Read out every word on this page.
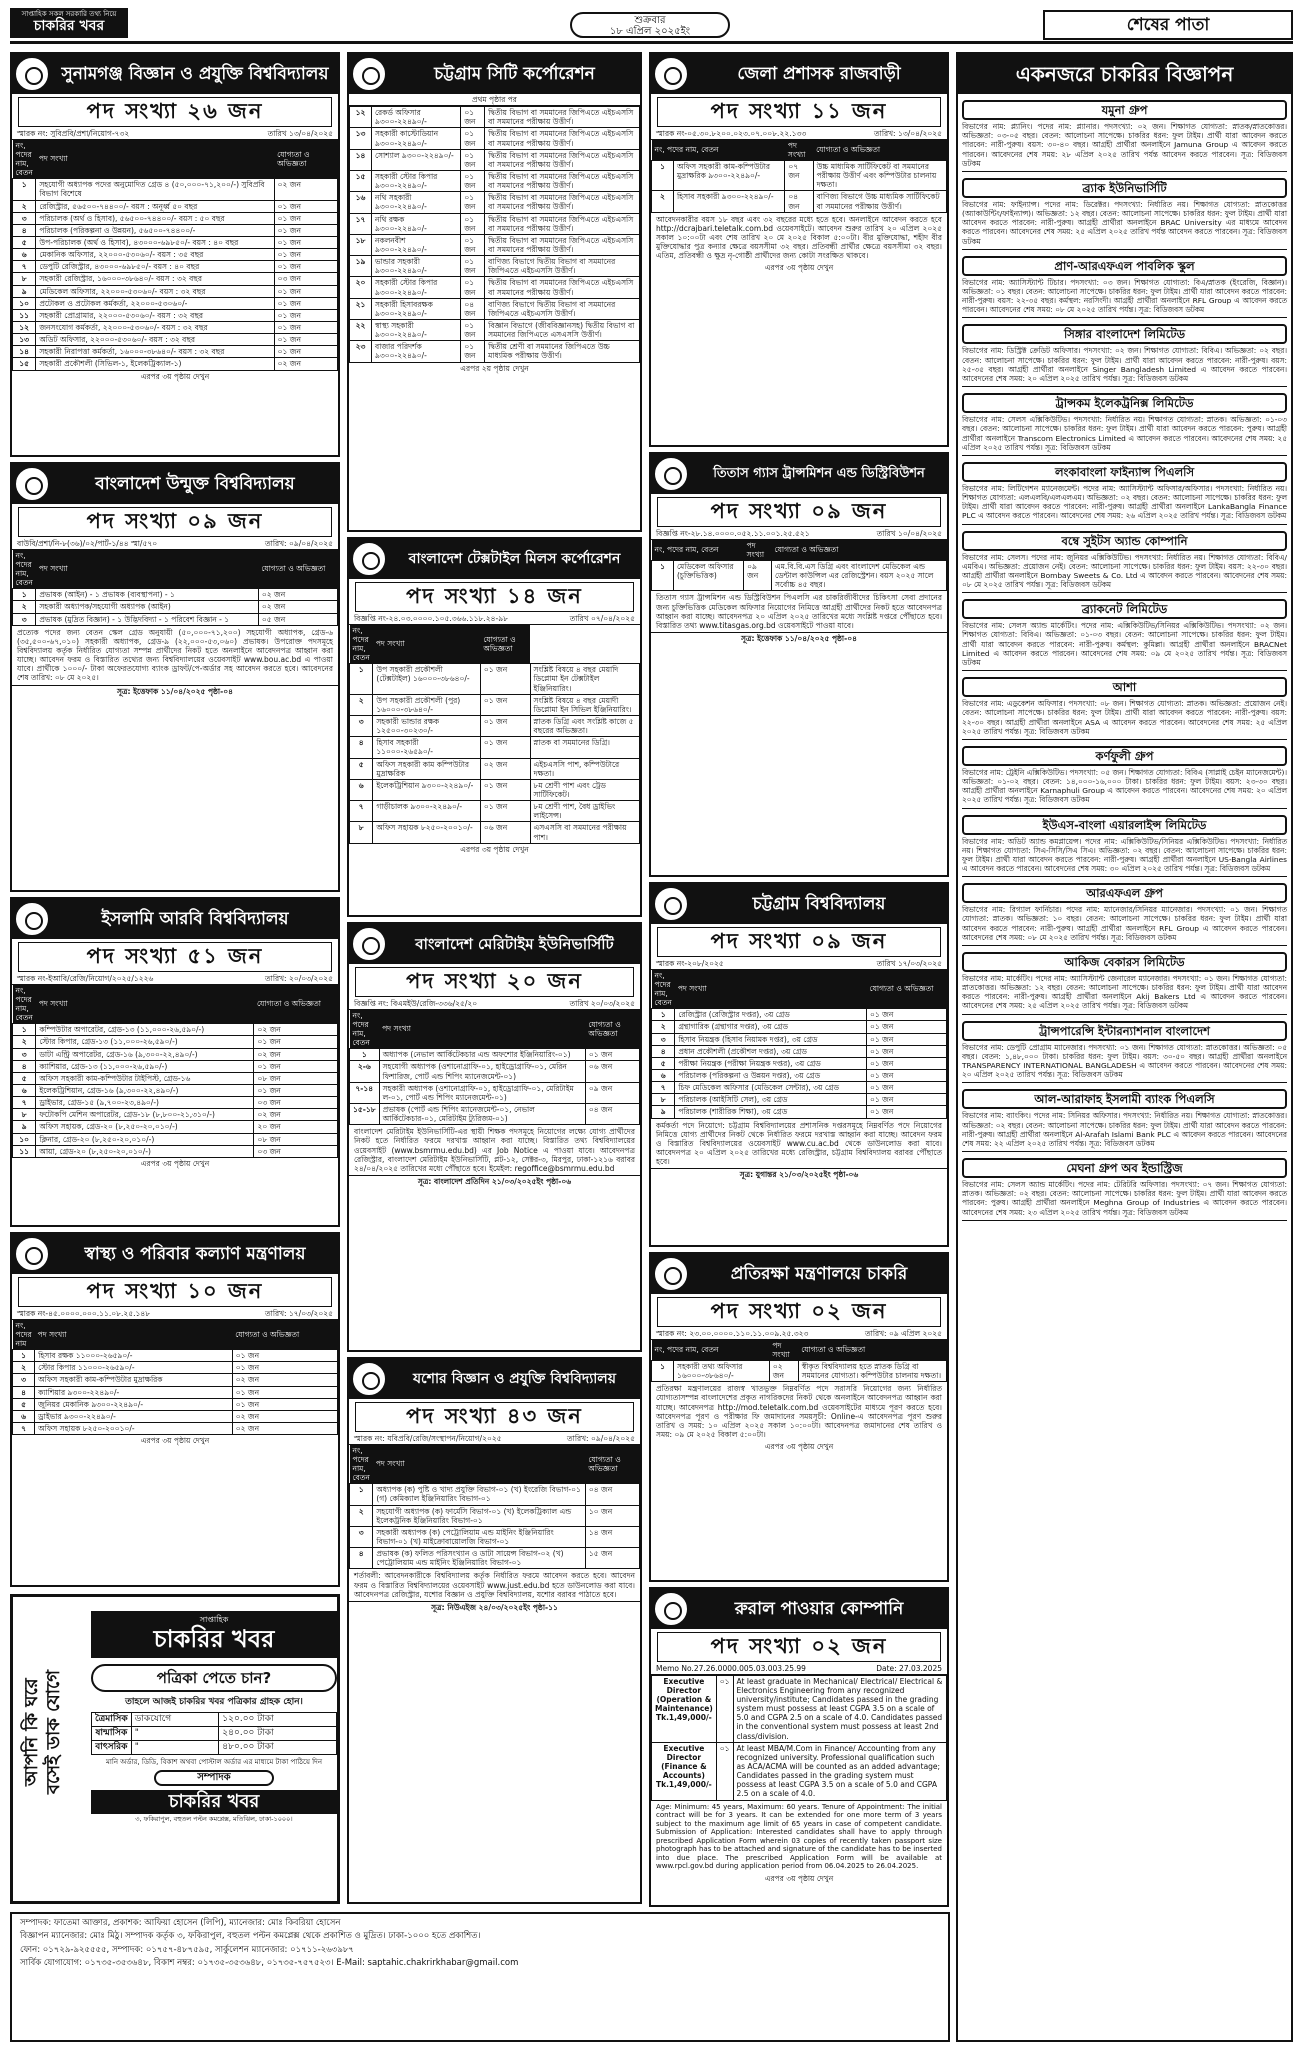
সাপ্তাহিক সকল সরকারি তথ্য নিয়ে
চাকরির খবর	শুক্রবার
১৮ এপ্রিল ২০২৫ইং	শেষের পাতা
সুনামগঞ্জ বিজ্ঞান ও প্রযুক্তি বিশ্ববিদ্যালয়
পদ সংখ্যা ২৬ জন
স্মারক নং: সুবিপ্রবি/প্রশা/নিয়োগ-৭৩২	তারিখ ১৩/০৪/২০২৫
নং, পদের নাম, বেতন	পদ সংখ্যা	যোগ্যতা ও অভিজ্ঞতা
১	সহযোগী অধ্যাপক পদের অনুমোদিত গ্রেড ৪ (৫০,০০০-৭১,২০০/-) সুবিপ্রবি বিভাগ বিশেষে	০২ জন
২	রেজিস্ট্রার, ৫৬৫০০-৭৪৪০০/- বয়স : অনূর্ধ্ব ৫০ বছর	০১ জন
৩	পরিচালক (অর্থ ও হিসাব), ৫৬৫০০-৭৪৪০০/- বয়স : ৫০ বছর	০১ জন
৪	পরিচালক (পরিকল্পনা ও উন্নয়ন), ৫৬৫০০-৭৪৪০০/-	০১ জন
৫	উপ-পরিচালক (অর্থ ও হিসাব), ৪৩০০০-৬৯৮৫০/- বয়স : ৪০ বছর	০১ জন
৬	মেকানিক অফিসার, ২২০০০-৫৩০৬০/- বয়স : ৩৫ বছর	০১ জন
৭	ডেপুটি রেজিস্ট্রার, ৪৩০০০-৬৯৮৫০/- বয়স : ৪০ বছর	০১ জন
৮	সহকারী রেজিস্ট্রার, ১৬০০০-৩৮৬৪০/- বয়স : ৩২ বছর	০৩ জন
৯	মেডিকেল অফিসার, ২২০০০-৫৩০৬০/- বয়স : ৩২ বছর	০১ জন
১০	প্রটোকল ও প্রটোকল কর্মকর্তা, ২২০০০-৫৩০৬০/-	০১ জন
১১	সহকারী প্রোগ্রামার, ২২০০০-৫৩০৬০/- বয়স : ৩২ বছর	০১ জন
১২	জনসংযোগ কর্মকর্তা, ২২০০০-৫৩০৬০/- বয়স : ৩২ বছর	০১ জন
১৩	অডিট অফিসার, ২২০০০-৫৩০৬০/- বয়স : ৩২ বছর	০১ জন
১৪	সহকারী নিরাপত্তা কর্মকর্তা, ১৬০০০-৩৮৬৪০/- বয়স : ৩২ বছর	০১ জন
১৫	সহকারী প্রকৌশলী (সিভিল-১, ইলেকট্রিক্যাল-১)	০২ জন
এরপর ৩য় পৃষ্ঠায় দেখুন
বাংলাদেশ উন্মুক্ত বিশ্ববিদ্যালয়
পদ সংখ্যা ০৯ জন
বাউবি/প্রশা/নি-৮(৩৬)/০২/পার্ট-১/৪৪ স্মা/৫৭০	তারিখ: ০৯/০৪/২০২৫
নং, পদের নাম, বেতন	পদ সংখ্যা	যোগ্যতা ও অভিজ্ঞতা
১	প্রভাষক (আইন) - ১ প্রভাষক (ব্যবস্থাপনা) - ১	০২ জন
২	সহকারী অধ্যাপক/সহযোগী অধ্যাপক (আইন)	০২ জন
৩	প্রভাষক (মুদ্রিত বিজ্ঞান) - ১ উদ্ভিদবিদ্যা - ১ পরিবেশ বিজ্ঞান - ১	০৫ জন
প্রত্যেক পদের জন্য বেতন স্কেল গ্রেড অনুযায়ী (৫০,০০০-৭১,২০০) সহযোগী অধ্যাপক, গ্রেড-৬ (৩৫,৫০০-৬৭,০১০) সহকারী অধ্যাপক, গ্রেড-৯ (২২,০০০-৫৩,০৬০) প্রভাষক। উপরোক্ত পদসমূহে বিশ্ববিদ্যালয় কর্তৃক নির্ধারিত যোগ্যতা সম্পন্ন প্রার্থীদের নিকট হতে অনলাইনে আবেদনপত্র আহ্বান করা যাচ্ছে। আবেদন ফরম ও বিস্তারিত তথ্যের জন্য বিশ্ববিদ্যালয়ের ওয়েবসাইট www.bou.ac.bd এ পাওয়া যাবে। প্রার্থীকে ১০০০/- টাকা অফেরতযোগ্য ব্যাংক ড্রাফট/পে-অর্ডার সহ আবেদন করতে হবে। আবেদনের শেষ তারিখ: ০৮ মে ২০২৫।
সূত্র: ইত্তেফাক ১১/০৪/২০২৫ পৃষ্ঠা-০৪
ইসলামি আরবি বিশ্ববিদ্যালয়
পদ সংখ্যা ৫১ জন
স্মারক নং-ইআবি/রেজি/নিয়োগ/২০২৫/১২২৬	তারিখ: ২০/০৩/২০২৫
নং, পদের নাম, বেতন	পদ সংখ্যা	যোগ্যতা ও অভিজ্ঞতা
১	কম্পিউটার অপারেটর, গ্রেড-১৩ (১১,০০০-২৬,৫৯০/-)	০২ জন
২	স্টোর কিপার, গ্রেড-১৩ (১১,০০০-২৬,৫৯০/-)	০১ জন
৩	ডাটা এন্ট্রি অপারেটর, গ্রেড-১৬ (৯,৩০০-২২,৪৯০/-)	০২ জন
৪	ক্যাশিয়ার, গ্রেড-১৩ (১১,০০০-২৬,৫৯০/-)	০১ জন
৫	অফিস সহকারী কাম-কম্পিউটার টাইপিস্ট, গ্রেড-১৬	০৮ জন
৬	ইলেকট্রিশিয়ান, গ্রেড-১৬ (৯,৩০০-২২,৪৯০/-)	০১ জন
৭	ড্রাইভার, গ্রেড-১৫ (৯,৭০০-২৩,৪৯০/-)	০৩ জন
৮	ফটোকপি মেশিন অপারেটর, গ্রেড-১৮ (৮,৮০০-২১,৩১০/-)	০২ জন
৯	অফিস সহায়ক, গ্রেড-২০ (৮,২৫০-২০,০১০/-)	২০ জন
১০	ক্লিনার, গ্রেড-২০ (৮,২৫০-২০,০১০/-)	০৮ জন
১১	আয়া, গ্রেড-২০ (৮,২৫০-২০,০১০/-)	০৩ জন
এরপর ৩য় পৃষ্ঠায় দেখুন
স্বাস্থ্য ও পরিবার কল্যাণ মন্ত্রণালয়
পদ সংখ্যা ১০ জন
স্মারক নং-৪৫.০০০০.০০০.১১.০৮.২৫.১৪৮	তারিখ: ১৭/০৩/২০২৫
নং, পদের নাম	পদ সংখ্যা	যোগ্যতা ও অভিজ্ঞতা
১	হিসাব রক্ষক ১১০০০-২৬৫৯০/-	০১ জন
২	স্টোর কিপার ১১০০০-২৬৫৯০/-	০১ জন
৩	অফিস সহকারী কাম-কম্পিউটার মুদ্রাক্ষরিক	০২ জন
৪	ক্যাশিয়ার ৯৩০০-২২৪৯০/-	০১ জন
৫	জুনিয়র মেকানিক ৯৩০০-২২৪৯০/-	০১ জন
৬	ড্রাইভার ৯৩০০-২২৪৯০/-	০২ জন
৭	অফিস সহায়ক ৮২৫০-২০০১০/-	০২ জন
এরপর ৩য় পৃষ্ঠায় দেখুন
আপনি কি ঘরে বসেই ডাক যোগে
সাপ্তাহিক
চাকরির খবর
পত্রিকা পেতে চান?
তাহলে আজই চাকরির খবর পত্রিকার গ্রাহক হোন।
ত্রৈমাসিক	ডাকযোগে	১২০.০০ টাকা
ষান্মাসিক	"	২৪০.০০ টাকা
বাৎসরিক	"	৪৮০.০০ টাকা
মানি অর্ডার, ডিডি, বিকাশ অথবা পোস্টাল অর্ডার এর মাধ্যমে টাকা পাঠিয়ে দিন
সম্পাদক
চাকরির খবর
৩, ফকিরাপুল, বহুতল পল্টন কমপ্লেক্স, মতিঝিল, ঢাকা-১০০০।
চট্টগ্রাম সিটি কর্পোরেশন
প্রথম পৃষ্ঠার পর
১২	রেকর্ড অফিসার ৯৩০০-২২৪৯০/-	০১ জন	দ্বিতীয় বিভাগ বা সমমানের জিপিএতে এইচএসসি বা সমমানের পরীক্ষায় উত্তীর্ণ।
১৩	সহকারী কাস্টোডিয়ান ৯৩০০-২২৪৯০/-	০১ জন	দ্বিতীয় বিভাগ বা সমমানের জিপিএতে এইচএসসি বা সমমানের পরীক্ষায় উত্তীর্ণ।
১৪	সোশ্যাল ৯৩০০-২২৪৯০/-	০১ জন	দ্বিতীয় বিভাগ বা সমমানের জিপিএতে এইচএসসি বা সমমানের পরীক্ষায় উত্তীর্ণ।
১৫	সহকারী স্টোর কিপার ৯৩০০-২২৪৯০/-	০১ জন	দ্বিতীয় বিভাগ বা সমমানের জিপিএতে এইচএসসি বা সমমানের পরীক্ষায় উত্তীর্ণ।
১৬	নথি সহকারী ৯৩০০-২২৪৯০/-	০১ জন	দ্বিতীয় বিভাগ বা সমমানের জিপিএতে এইচএসসি বা সমমানের পরীক্ষায় উত্তীর্ণ।
১৭	নথি রক্ষক ৯৩০০-২২৪৯০/-	০১ জন	দ্বিতীয় বিভাগ বা সমমানের জিপিএতে এইচএসসি বা সমমানের পরীক্ষায় উত্তীর্ণ।
১৮	নকলনবীশ ৯৩০০-২২৪৯০/-	০১ জন	দ্বিতীয় বিভাগ বা সমমানের জিপিএতে এইচএসসি বা সমমানের পরীক্ষায় উত্তীর্ণ।
১৯	ভান্ডার সহকারী ৯৩০০-২২৪৯০/-	০১ জন	বাণিজ্য বিভাগে দ্বিতীয় বিভাগ বা সমমানের জিপিএতে এইচএসসি উত্তীর্ণ।
২০	সহকারী স্টোর কিপার ৯৩০০-২২৪৯০/-	০১ জন	দ্বিতীয় বিভাগ বা সমমানের জিপিএতে এইচএসসি বা সমমানের পরীক্ষায় উত্তীর্ণ।
২১	সহকারী হিসাবরক্ষক ৯৩০০-২২৪৯০/-	০৪ জন	বাণিজ্য বিভাগে দ্বিতীয় বিভাগ বা সমমানের জিপিএতে এইচএসসি উত্তীর্ণ।
২২	স্বাস্থ্য সহকারী ৯৩০০-২২৪৯০/-	০১ জন	বিজ্ঞান বিভাগে (জীববিজ্ঞানসহ) দ্বিতীয় বিভাগ বা সমমানের জিপিএতে এসএসসি উত্তীর্ণ।
২৩	বাজার পরিদর্শক ৯৩০০-২২৪৯০/-	০১ জন	দ্বিতীয় শ্রেণী বা সমমানের জিপিএতে উচ্চ মাধ্যমিক পরীক্ষায় উত্তীর্ণ।
এরপর ২য় পৃষ্ঠায় দেখুন
বাংলাদেশ টেক্সটাইল মিলস কর্পোরেশন
পদ সংখ্যা ১৪ জন
বিজ্ঞপ্তি নং-২৪.০৩.০০০০.১০৫.৩৬৬.১১৮.২৪-৯৮	তারিখ ০৭/০৪/২০২৫
নং, পদের নাম, বেতন	পদ সংখ্যা	যোগ্যতা ও অভিজ্ঞতা	
১	উপ সহকারী প্রকৌশলী (টেক্সটাইল) ১৬০০০-৩৮৬৪০/-	০১ জন	সংশ্লিষ্ট বিষয়ে ৪ বছর মেয়াদি ডিপ্লোমা ইন টেক্সটাইল ইঞ্জিনিয়ারিং।
২	উপ সহকারী প্রকৌশলী (পুর) ১৬০০০-৩৮৬৪০/-	০১ জন	সংশ্লিষ্ট বিষয়ে ৪ বছর মেয়াদী ডিপ্লোমা ইন সিভিল ইঞ্জিনিয়ারিং।
৩	সহকারী ভান্ডার রক্ষক ১২৫০০-৩০২৩০/-	০১ জন	স্নাতক ডিগ্রি এবং সংশ্লিষ্ট কাজে ৫ বছরের অভিজ্ঞতা।
৪	হিসাব সহকারী ১১০০০-২৬৫৯০/-	০১ জন	স্নাতক বা সমমানের ডিগ্রি।
৫	অফিস সহকারী কাম কম্পিউটার মুদ্রাক্ষরিক	০২ জন	এইচএসসি পাশ, কম্পিউটারে দক্ষতা।
৬	ইলেকট্রিশিয়ান ৯৩০০-২২৪৯০/-	০১ জন	৮ম শ্রেণী পাশ এবং ট্রেড সার্টিফিকেট।
৭	গাড়ীচালক ৯৩০০-২২৪৯০/-	০১ জন	৮ম শ্রেণী পাশ, বৈধ ড্রাইভিং লাইসেন্স।
৮	অফিস সহায়ক ৮২৫০-২০০১০/-	০৬ জন	এসএসসি বা সমমানের পরীক্ষায় পাশ।
এরপর ৩য় পৃষ্ঠায় দেখুন
বাংলাদেশ মেরিটাইম ইউনিভার্সিটি
পদ সংখ্যা ২০ জন
বিজ্ঞপ্তি নং: বিএমইউ/রেজি-৩৩৬/২৫/২০	তারিখ ২০/০৩/২০২৫
নং, পদের নাম, বেতন	পদ সংখ্যা	যোগ্যতা ও অভিজ্ঞতা
১	অধ্যাপক (নেভাল আর্কিটেকচার এন্ড অফশোর ইঞ্জিনিয়ারিং-০১)	০১ জন
২-৬	সহযোগী অধ্যাপক (ওশানোগ্রাফি-০১, হাইড্রোগ্রাফি-০১, মেরিন ফিশারিজ, পোর্ট এন্ড শিপিং ম্যানেজমেন্ট-০১)	০৬ জন
৭-১৪	সহকারী অধ্যাপক (ওশানোগ্রাফি-০১, হাইড্রোগ্রাফি-০১, মেরিটাইম ল-০১, পোর্ট এন্ড শিপিং ম্যানেজমেন্ট-০১)	০৯ জন
১৫-১৮	প্রভাষক (পোর্ট এন্ড শিপিং ম্যানেজমেন্ট-০১, নেভাল আর্কিটেকচার-০১, মেরিটাইম ট্যুরিজম-০১)	০৪ জন
বাংলাদেশ মেরিটাইম ইউনিভার্সিটি-এর স্থায়ী শিক্ষক পদসমূহে নিয়োগের লক্ষ্যে যোগ্য প্রার্থীদের নিকট হতে নির্ধারিত ফরমে দরখাস্ত আহ্বান করা যাচ্ছে। বিস্তারিত তথ্য বিশ্ববিদ্যালয়ের ওয়েবসাইট (www.bsmrmu.edu.bd) এর Job Notice এ পাওয়া যাবে। আবেদনপত্র রেজিস্ট্রার, বাংলাদেশ মেরিটাইম ইউনিভার্সিটি, প্লট-১২, সেক্টর-৩, মিরপুর, ঢাকা-১২১৬ বরাবর ২৪/০৪/২০২৫ তারিখের মধ্যে পৌঁছাতে হবে। ইমেইল: regoffice@bsmrmu.edu.bd
সূত্র: বাংলাদেশ প্রতিদিন ২১/০৩/২০২৫ইং পৃষ্ঠা-০৬
যশোর বিজ্ঞান ও প্রযুক্তি বিশ্ববিদ্যালয়
পদ সংখ্যা ৪৩ জন
স্মারক নং: যবিপ্রবি/রেজি/সংস্থাপন/নিয়োগ/২০২৫	তারিখ: ০৯/০৪/২০২৫
নং, পদের নাম, বেতন	পদ সংখ্যা	যোগ্যতা ও অভিজ্ঞতা
১	অধ্যাপক (ক) পুষ্টি ও খাদ্য প্রযুক্তি বিভাগ-০১ (খ) ইংরেজি বিভাগ-০১ (গ) কেমিক্যাল ইঞ্জিনিয়ারিং বিভাগ-০১	০৪ জন
২	সহযোগী অধ্যাপক (ক) ফার্মেসি বিভাগ-০১ (খ) ইলেকট্রিক্যাল এন্ড ইলেকট্রনিক ইঞ্জিনিয়ারিং বিভাগ-০১	১০ জন
৩	সহকারী অধ্যাপক (ক) পেট্রোলিয়াম এন্ড মাইনিং ইঞ্জিনিয়ারিং বিভাগ-০১ (খ) মাইক্রোবায়োলজি বিভাগ-০১	১৪ জন
৪	প্রভাষক (ক) ফলিত পরিসংখ্যান ও ডাটা সায়েন্স বিভাগ-০২ (খ) পেট্রোলিয়াম এন্ড মাইনিং ইঞ্জিনিয়ারিং বিভাগ-০১	১৫ জন
শর্তাবলী: আবেদনকারীকে বিশ্ববিদ্যালয় কর্তৃক নির্ধারিত ফরমে আবেদন করতে হবে। আবেদন ফরম ও বিস্তারিত বিশ্ববিদ্যালয়ের ওয়েবসাইট www.just.edu.bd হতে ডাউনলোড করা যাবে। আবেদনপত্র রেজিস্ট্রার, যশোর বিজ্ঞান ও প্রযুক্তি বিশ্ববিদ্যালয়, যশোর বরাবর পাঠাতে হবে।
সূত্র: নিউএইজ ২৪/০৩/২০২৫ইং পৃষ্ঠা-১১
জেলা প্রশাসক রাজবাড়ী
পদ সংখ্যা ১১ জন
স্মারক নং-০৫.৩০.৮২০০.০২৩.০৭.০০৮.২২.১৩৩	তারিখ: ১৩/০৪/২০২৫
নং, পদের নাম, বেতন		পদ সংখ্যা	যোগ্যতা ও অভিজ্ঞতা
১	অফিস সহকারী কাম-কম্পিউটার মুদ্রাক্ষরিক ৯৩০০-২২৪৯০/-	০৭ জন	উচ্চ মাধ্যমিক সার্টিফিকেট বা সমমানের পরীক্ষায় উত্তীর্ণ এবং কম্পিউটার চালনায় দক্ষতা।
২	হিসাব সহকারী ৯৩০০-২২৪৯০/-	০৪ জন	বাণিজ্য বিভাগে উচ্চ মাধ্যমিক সার্টিফিকেট বা সমমানের পরীক্ষায় উত্তীর্ণ।
আবেদনকারীর বয়স ১৮ বছর এবং ৩২ বছরের মধ্যে হতে হবে। অনলাইনে আবেদন করতে হবে http://dcrajbari.teletalk.com.bd ওয়েবসাইটে। আবেদন শুরুর তারিখ ২০ এপ্রিল ২০২৫ সকাল ১০:০০টা এবং শেষ তারিখ ২০ মে ২০২৫ বিকাল ৫:০০টা। বীর মুক্তিযোদ্ধা, শহীদ বীর মুক্তিযোদ্ধার পুত্র কন্যার ক্ষেত্রে বয়সসীমা ৩২ বছর। প্রতিবন্ধী প্রার্থীর ক্ষেত্রে বয়সসীমা ৩২ বছর। এতিম, প্রতিবন্ধী ও ক্ষুদ্র নৃ-গোষ্ঠী প্রার্থীদের জন্য কোটা সংরক্ষিত থাকবে।
এরপর ৩য় পৃষ্ঠায় দেখুন
তিতাস গ্যাস ট্রান্সমিশন এন্ড ডিস্ট্রিবিউশন
পদ সংখ্যা ০৯ জন
বিজ্ঞপ্তি নং-২৮.১৪.০০০০.০৫২.১১.০০১.২৫.৫২১	তারিখ ১০/০৪/২০২৫
নং, পদের নাম, বেতন		পদ সংখ্যা	যোগ্যতা ও অভিজ্ঞতা
১	মেডিকেল অফিসার (চুক্তিভিত্তিক)	০৯ জন	এম.বি.বি.এস ডিগ্রি এবং বাংলাদেশ মেডিকেল এন্ড ডেন্টাল কাউন্সিল এর রেজিস্ট্রেশন। বয়স ২০২৫ সালে সর্বোচ্চ ৪৫ বছর।
তিতাস গ্যাস ট্রান্সমিশন এন্ড ডিস্ট্রিবিউশন পিএলসি এর চাকরিজীবীদের চিকিৎসা সেবা প্রদানের জন্য চুক্তিভিত্তিক মেডিকেল অফিসার নিয়োগের নিমিত্তে আগ্রহী প্রার্থীদের নিকট হতে আবেদনপত্র আহ্বান করা যাচ্ছে। আবেদনপত্র ২০ এপ্রিল ২০২৫ তারিখের মধ্যে সংশ্লিষ্ট দপ্তরে পৌঁছাতে হবে। বিস্তারিত তথ্য www.titasgas.org.bd ওয়েবসাইটে পাওয়া যাবে।
সূত্র: ইত্তেফাক ১১/০৪/২০২৫ পৃষ্ঠা-০৪
চট্টগ্রাম বিশ্ববিদ্যালয়
পদ সংখ্যা ০৯ জন
স্মারক নং-২০৮/২০২৫	তারিখ ১৭/০৩/২০২৫
নং, পদের নাম, বেতন	পদ সংখ্যা	যোগ্যতা ও অভিজ্ঞতা
১	রেজিস্ট্রার (রেজিস্ট্রার দপ্তর), ৩য় গ্রেড	০১ জন
২	গ্রন্থাগারিক (গ্রন্থাগার দপ্তর), ৩য় গ্রেড	০১ জন
৩	হিসাব নিয়ন্ত্রক (হিসাব নিয়ামক দপ্তর), ৩য় গ্রেড	০১ জন
৪	প্রধান প্রকৌশলী (প্রকৌশল দপ্তর), ৩য় গ্রেড	০১ জন
৫	পরীক্ষা নিয়ন্ত্রক (পরীক্ষা নিয়ন্ত্রক দপ্তর), ৩য় গ্রেড	০১ জন
৬	পরিচালক (পরিকল্পনা ও উন্নয়ন দপ্তর), ৩য় গ্রেড	০১ জন
৭	চিফ মেডিকেল অফিসার (মেডিকেল সেন্টার), ৩য় গ্রেড	০১ জন
৮	পরিচালক (আইসিটি সেল), ৩য় গ্রেড	০১ জন
৯	পরিচালক (শারীরিক শিক্ষা), ৩য় গ্রেড	০১ জন
কর্মকর্তা পদে নিয়োগে: চট্টগ্রাম বিশ্ববিদ্যালয়ের প্রশাসনিক দপ্তরসমূহে নিম্নবর্ণিত পদে নিয়োগের নিমিত্তে যোগ্য প্রার্থীদের নিকট থেকে নির্ধারিত ফরমে দরখাস্ত আহ্বান করা যাচ্ছে। আবেদন ফরম ও বিস্তারিত বিশ্ববিদ্যালয়ের ওয়েবসাইট www.cu.ac.bd থেকে ডাউনলোড করা যাবে। আবেদনপত্র ২০ এপ্রিল ২০২৫ তারিখের মধ্যে রেজিস্ট্রার, চট্টগ্রাম বিশ্ববিদ্যালয় বরাবর পৌঁছাতে হবে।
সূত্র: যুগান্তর ২১/০৩/২০২৫ইং পৃষ্ঠা-০৬
প্রতিরক্ষা মন্ত্রণালয়ে চাকরি
পদ সংখ্যা ০২ জন
স্মারক নং: ২৩.০০.০০০০.১১০.১১.০০৯.২৫.৩২৩	তারিখ: ০৯ এপ্রিল ২০২৫
নং, পদের নাম, বেতন		পদ সংখ্যা	যোগ্যতা ও অভিজ্ঞতা
১	সহকারী তথ্য অফিসার ১৬০০০-৩৮৬৪০/-	০২ জন	স্বীকৃত বিশ্ববিদ্যালয় হতে স্নাতক ডিগ্রি বা সমমানের যোগ্যতা। কম্পিউটার চালনায় দক্ষতা।
প্রতিরক্ষা মন্ত্রণালয়ের রাজস্ব খাতভুক্ত নিম্নবর্ণিত পদে সরাসরি নিয়োগের জন্য নির্ধারিত যোগ্যতাসম্পন্ন বাংলাদেশের প্রকৃত নাগরিকদের নিকট থেকে অনলাইনে আবেদনপত্র আহ্বান করা যাচ্ছে। আবেদনপত্র http://mod.teletalk.com.bd ওয়েবসাইটের মাধ্যমে পূরণ করতে হবে। আবেদনপত্র পূরণ ও পরীক্ষার ফি জমাদানের সময়সূচী: Online-এ আবেদনপত্র পূরণ শুরুর তারিখ ও সময়: ১০ এপ্রিল ২০২৫ সকাল ১০:০০টা। আবেদনপত্র জমাদানের শেষ তারিখ ও সময়: ০৯ মে ২০২৫ বিকাল ৫:০০টা।
এরপর ৩য় পৃষ্ঠায় দেখুন
রুরাল পাওয়ার কোম্পানি
পদ সংখ্যা ০২ জন
Memo No.27.26.0000.005.03.003.25.99	Date: 27.03.2025
Executive Director (Operation & Maintenance) Tk.1,49,000/-	০১	At least graduate in Mechanical/ Electrical/ Electrical & Electronics Engineering from any recognized university/institute; Candidates passed in the grading system must possess at least CGPA 3.5 on a scale of 5.0 and CGPA 2.5 on a scale of 4.0. Candidates passed in the conventional system must possess at least 2nd class/division.
Executive Director (Finance & Accounts) Tk.1,49,000/-	০১	At least MBA/M.Com in Finance/ Accounting from any recognized university. Professional qualification such as ACA/ACMA will be counted as an added advantage; Candidates passed in the grading system must possess at least CGPA 3.5 on a scale of 5.0 and CGPA 2.5 on a scale of 4.0.
Age: Minimum: 45 years, Maximum: 60 years. Tenure of Appointment: The initial contract will be for 3 years. It can be extended for one more term of 3 years subject to the maximum age limit of 65 years in case of competent candidate. Submission of Application: Interested candidates shall have to apply through prescribed Application Form wherein 03 copies of recently taken passport size photograph has to be attached and signature of the candidate has to be inserted into due place. The prescribed Application Form will be available at www.rpcl.gov.bd during application period from 06.04.2025 to 26.04.2025.
এরপর ৩য় পৃষ্ঠায় দেখুন
একনজরে চাকরির বিজ্ঞাপন
যমুনা গ্রুপ
বিভাগের নাম: প্ল্যানিং। পদের নাম: প্ল্যানার। পদসংখ্যা: ০২ জন। শিক্ষাগত যোগ্যতা: স্নাতক/স্নাতকোত্তর। অভিজ্ঞতা: ০৩-০৫ বছর। বেতন: আলোচনা সাপেক্ষে। চাকরির ধরন: ফুল টাইম। প্রার্থী যারা আবেদন করতে পারবেন: নারী-পুরুষ। বয়স: ৩০-৪০ বছর। আগ্রহী প্রার্থীরা অনলাইনে Jamuna Group এ আবেদন করতে পারবেন। আবেদনের শেষ সময়: ২৮ এপ্রিল ২০২৫ তারিখ পর্যন্ত আবেদন করতে পারবেন। সূত্র: বিডিজবস ডটকম
ব্র্যাক ইউনিভার্সিটি
বিভাগের নাম: ফাইন্যান্স। পদের নাম: ডিরেক্টর। পদসংখ্যা: নির্ধারিত নয়। শিক্ষাগত যোগ্যতা: স্নাতকোত্তর (অ্যাকাউন্টিং/ফাইন্যান্স)। অভিজ্ঞতা: ১২ বছর। বেতন: আলোচনা সাপেক্ষে। চাকরির ধরন: ফুল টাইম। প্রার্থী যারা আবেদন করতে পারবেন: নারী-পুরুষ। আগ্রহী প্রার্থীরা অনলাইনে BRAC University এর মাধ্যমে আবেদন করতে পারবেন। আবেদনের শেষ সময়: ২৫ এপ্রিল ২০২৫ তারিখ পর্যন্ত আবেদন করতে পারবেন। সূত্র: বিডিজবস ডটকম
প্রাণ-আরএফএল পাবলিক স্কুল
বিভাগের নাম: অ্যাসিস্ট্যান্ট টিচার। পদসংখ্যা: ০৩ জন। শিক্ষাগত যোগ্যতা: বিএ/স্নাতক (ইংরেজি, বিজ্ঞান)। অভিজ্ঞতা: ০১ বছর। বেতন: আলোচনা সাপেক্ষে। চাকরির ধরন: ফুল টাইম। প্রার্থী যারা আবেদন করতে পারবেন: নারী-পুরুষ। বয়স: ২২-৩৫ বছর। কর্মস্থল: নরসিংদী। আগ্রহী প্রার্থীরা অনলাইনে RFL Group এ আবেদন করতে পারবেন। আবেদনের শেষ সময়: ০৮ মে ২০২৫ তারিখ পর্যন্ত। সূত্র: বিডিজবস ডটকম
সিঙ্গার বাংলাদেশ লিমিটেড
বিভাগের নাম: ডিস্ট্রিক্ট ক্রেডিট অফিসার। পদসংখ্যা: ০২ জন। শিক্ষাগত যোগ্যতা: বিবিএ। অভিজ্ঞতা: ০২ বছর। বেতন: আলোচনা সাপেক্ষে। চাকরির ধরন: ফুল টাইম। প্রার্থী যারা আবেদন করতে পারবেন: নারী-পুরুষ। বয়স: ২৫-৩৫ বছর। আগ্রহী প্রার্থীরা অনলাইনে Singer Bangladesh Limited এ আবেদন করতে পারবেন। আবেদনের শেষ সময়: ২০ এপ্রিল ২০২৫ তারিখ পর্যন্ত। সূত্র: বিডিজবস ডটকম
ট্রান্সকম ইলেকট্রনিক্স লিমিটেড
বিভাগের নাম: সেলস এক্সিকিউটিভ। পদসংখ্যা: নির্ধারিত নয়। শিক্ষাগত যোগ্যতা: স্নাতক। অভিজ্ঞতা: ০১-০৩ বছর। বেতন: আলোচনা সাপেক্ষে। চাকরির ধরন: ফুল টাইম। প্রার্থী যারা আবেদন করতে পারবেন: পুরুষ। আগ্রহী প্রার্থীরা অনলাইনে Transcom Electronics Limited এ আবেদন করতে পারবেন। আবেদনের শেষ সময়: ২৫ এপ্রিল ২০২৫ তারিখ পর্যন্ত। সূত্র: বিডিজবস ডটকম
লংকাবাংলা ফাইন্যান্স পিএলসি
বিভাগের নাম: লিটিগেশন ম্যানেজমেন্ট। পদের নাম: অ্যাসিস্ট্যান্ট অফিসার/অফিসার। পদসংখ্যা: নির্ধারিত নয়। শিক্ষাগত যোগ্যতা: এলএলবি/এলএলএম। অভিজ্ঞতা: ০২ বছর। বেতন: আলোচনা সাপেক্ষে। চাকরির ধরন: ফুল টাইম। প্রার্থী যারা আবেদন করতে পারবেন: নারী-পুরুষ। আগ্রহী প্রার্থীরা অনলাইনে LankaBangla Finance PLC এ আবেদন করতে পারবেন। আবেদনের শেষ সময়: ২৬ এপ্রিল ২০২৫ তারিখ পর্যন্ত। সূত্র: বিডিজবস ডটকম
বম্বে সুইটস অ্যান্ড কোম্পানি
বিভাগের নাম: সেলস। পদের নাম: জুনিয়র এক্সিকিউটিভ। পদসংখ্যা: নির্ধারিত নয়। শিক্ষাগত যোগ্যতা: বিবিএ/এমবিএ। অভিজ্ঞতা: প্রয়োজন নেই। বেতন: আলোচনা সাপেক্ষে। চাকরির ধরন: ফুল টাইম। বয়স: ২২-৩০ বছর। আগ্রহী প্রার্থীরা অনলাইনে Bombay Sweets & Co. Ltd এ আবেদন করতে পারবেন। আবেদনের শেষ সময়: ০৮ মে ২০২৫ তারিখ পর্যন্ত। সূত্র: বিডিজবস ডটকম
ব্র্যাকনেট লিমিটেড
বিভাগের নাম: সেলস অ্যান্ড মার্কেটিং। পদের নাম: এক্সিকিউটিভ/সিনিয়র এক্সিকিউটিভ। পদসংখ্যা: ০২ জন। শিক্ষাগত যোগ্যতা: বিবিএ। অভিজ্ঞতা: ০১-০৩ বছর। বেতন: আলোচনা সাপেক্ষে। চাকরির ধরন: ফুল টাইম। প্রার্থী যারা আবেদন করতে পারবেন: নারী-পুরুষ। কর্মস্থল: কুমিল্লা। আগ্রহী প্রার্থীরা অনলাইনে BRACNet Limited এ আবেদন করতে পারবেন। আবেদনের শেষ সময়: ০৯ মে ২০২৫ তারিখ পর্যন্ত। সূত্র: বিডিজবস ডটকম
আশা
বিভাগের নাম: এডুকেশন অফিসার। পদসংখ্যা: ০৮ জন। শিক্ষাগত যোগ্যতা: স্নাতক। অভিজ্ঞতা: প্রয়োজন নেই। বেতন: আলোচনা সাপেক্ষে। চাকরির ধরন: ফুল টাইম। প্রার্থী যারা আবেদন করতে পারবেন: নারী-পুরুষ। বয়স: ২২-৩০ বছর। আগ্রহী প্রার্থীরা অনলাইনে ASA এ আবেদন করতে পারবেন। আবেদনের শেষ সময়: ২৫ এপ্রিল ২০২৫ তারিখ পর্যন্ত। সূত্র: বিডিজবস ডটকম
কর্ণফুলী গ্রুপ
বিভাগের নাম: ট্রেইনি এক্সিকিউটিভ। পদসংখ্যা: ০৫ জন। শিক্ষাগত যোগ্যতা: বিবিএ (সাপ্লাই চেইন ম্যানেজমেন্ট)। অভিজ্ঞতা: ০১-০২ বছর। বেতন: ১৪,০০০-১৬,০০০ টাকা। চাকরির ধরন: ফুল টাইম। বয়স: ২৩-৩০ বছর। আগ্রহী প্রার্থীরা অনলাইনে Karnaphuli Group এ আবেদন করতে পারবেন। আবেদনের শেষ সময়: ২০ এপ্রিল ২০২৫ তারিখ পর্যন্ত। সূত্র: বিডিজবস ডটকম
ইউএস-বাংলা এয়ারলাইন্স লিমিটেড
বিভাগের নাম: অডিট অ্যান্ড কমপ্লায়েন্স। পদের নাম: এক্সিকিউটিভ/সিনিয়র এক্সিকিউটিভ। পদসংখ্যা: নির্ধারিত নয়। শিক্ষাগত যোগ্যতা: সিএ-সিসি/সিএ সিএ। অভিজ্ঞতা: ০২ বছর। বেতন: আলোচনা সাপেক্ষে। চাকরির ধরন: ফুল টাইম। প্রার্থী যারা আবেদন করতে পারবেন: নারী-পুরুষ। আগ্রহী প্রার্থীরা অনলাইনে US-Bangla Airlines এ আবেদন করতে পারবেন। আবেদনের শেষ সময়: ৩০ এপ্রিল ২০২৫ তারিখ পর্যন্ত। সূত্র: বিডিজবস ডটকম
আরএফএল গ্রুপ
বিভাগের নাম: রিগ্যাল ফার্নিচার। পদের নাম: ম্যানেজার/সিনিয়র ম্যানেজার। পদসংখ্যা: ০১ জন। শিক্ষাগত যোগ্যতা: স্নাতক। অভিজ্ঞতা: ১০ বছর। বেতন: আলোচনা সাপেক্ষে। চাকরির ধরন: ফুল টাইম। প্রার্থী যারা আবেদন করতে পারবেন: নারী-পুরুষ। আগ্রহী প্রার্থীরা অনলাইনে RFL Group এ আবেদন করতে পারবেন। আবেদনের শেষ সময়: ০৮ মে ২০২৫ তারিখ পর্যন্ত। সূত্র: বিডিজবস ডটকম
আকিজ বেকারস লিমিটেড
বিভাগের নাম: মার্কেটিং। পদের নাম: অ্যাসিস্ট্যান্ট জেনারেল ম্যানেজার। পদসংখ্যা: ০১ জন। শিক্ষাগত যোগ্যতা: স্নাতকোত্তর। অভিজ্ঞতা: ১২ বছর। বেতন: আলোচনা সাপেক্ষে। চাকরির ধরন: ফুল টাইম। প্রার্থী যারা আবেদন করতে পারবেন: নারী-পুরুষ। আগ্রহী প্রার্থীরা অনলাইনে Akij Bakers Ltd এ আবেদন করতে পারবেন। আবেদনের শেষ সময়: ২৫ এপ্রিল ২০২৫ তারিখ পর্যন্ত। সূত্র: বিডিজবস ডটকম
ট্রান্সপারেন্সি ইন্টারন্যাশনাল বাংলাদেশ
বিভাগের নাম: ডেপুটি প্রোগ্রাম ম্যানেজার। পদসংখ্যা: ০১ জন। শিক্ষাগত যোগ্যতা: স্নাতকোত্তর। অভিজ্ঞতা: ০৫ বছর। বেতন: ১,৪৮,০০০ টাকা। চাকরির ধরন: ফুল টাইম। বয়স: ৩০-৫০ বছর। আগ্রহী প্রার্থীরা অনলাইনে TRANSPARENCY INTERNATIONAL BANGLADESH এ আবেদন করতে পারবেন। আবেদনের শেষ সময়: ২০ এপ্রিল ২০২৫ তারিখ পর্যন্ত। সূত্র: বিডিজবস ডটকম
আল-আরাফাহ ইসলামী ব্যাংক পিএলসি
বিভাগের নাম: ব্যাংকিং। পদের নাম: সিনিয়র অফিসার। পদসংখ্যা: নির্ধারিত নয়। শিক্ষাগত যোগ্যতা: স্নাতকোত্তর। অভিজ্ঞতা: ০২ বছর। বেতন: আলোচনা সাপেক্ষে। চাকরির ধরন: ফুল টাইম। প্রার্থী যারা আবেদন করতে পারবেন: নারী-পুরুষ। আগ্রহী প্রার্থীরা অনলাইনে Al-Arafah Islami Bank PLC এ আবেদন করতে পারবেন। আবেদনের শেষ সময়: ২২ এপ্রিল ২০২৫ তারিখ পর্যন্ত। সূত্র: বিডিজবস ডটকম
মেঘনা গ্রুপ অব ইন্ডাস্ট্রিজ
বিভাগের নাম: সেলস অ্যান্ড মার্কেটিং। পদের নাম: টেরিটরি অফিসার। পদসংখ্যা: ০৭ জন। শিক্ষাগত যোগ্যতা: স্নাতক। অভিজ্ঞতা: ০২ বছর। বেতন: আলোচনা সাপেক্ষে। চাকরির ধরন: ফুল টাইম। প্রার্থী যারা আবেদন করতে পারবেন: পুরুষ। আগ্রহী প্রার্থীরা অনলাইনে Meghna Group of Industries এ আবেদন করতে পারবেন। আবেদনের শেষ সময়: ২৩ এপ্রিল ২০২৫ তারিখ পর্যন্ত। সূত্র: বিডিজবস ডটকম
সম্পাদক: ফাতেমা আক্তার, প্রকাশক: আফিয়া হোসেন (লিপি), ম্যানেজার: মোঃ কিবরিয়া হোসেন
বিজ্ঞাপন ম্যানেজার: মোঃ মিঠু। সম্পাদক কর্তৃক ৩, ফকিরাপুল, বহুতল পল্টন কমপ্লেক্স থেকে প্রকাশিত ও মুদ্রিত। ঢাকা-১০০০ হতে প্রকাশিত।
ফোন: ০১৭২৯-৯২৫৫৫৫, সম্পাদক: ০১৭৫৭-৪৮৭৫৯৫, সার্কুলেশন ম্যানেজার: ০১৭১১-২৬৩৯৮৭
সার্বিক যোগাযোগ: ০১৭৩৫-৩৫৩৬৪৮, বিকাশ নম্বর: ০১৭৩৫-৩৫৩৬৪৮, ০১৭৩৫-৭৫৭৫২৩। E-Mail: saptahic.chakrirkhabar@gmail.com
